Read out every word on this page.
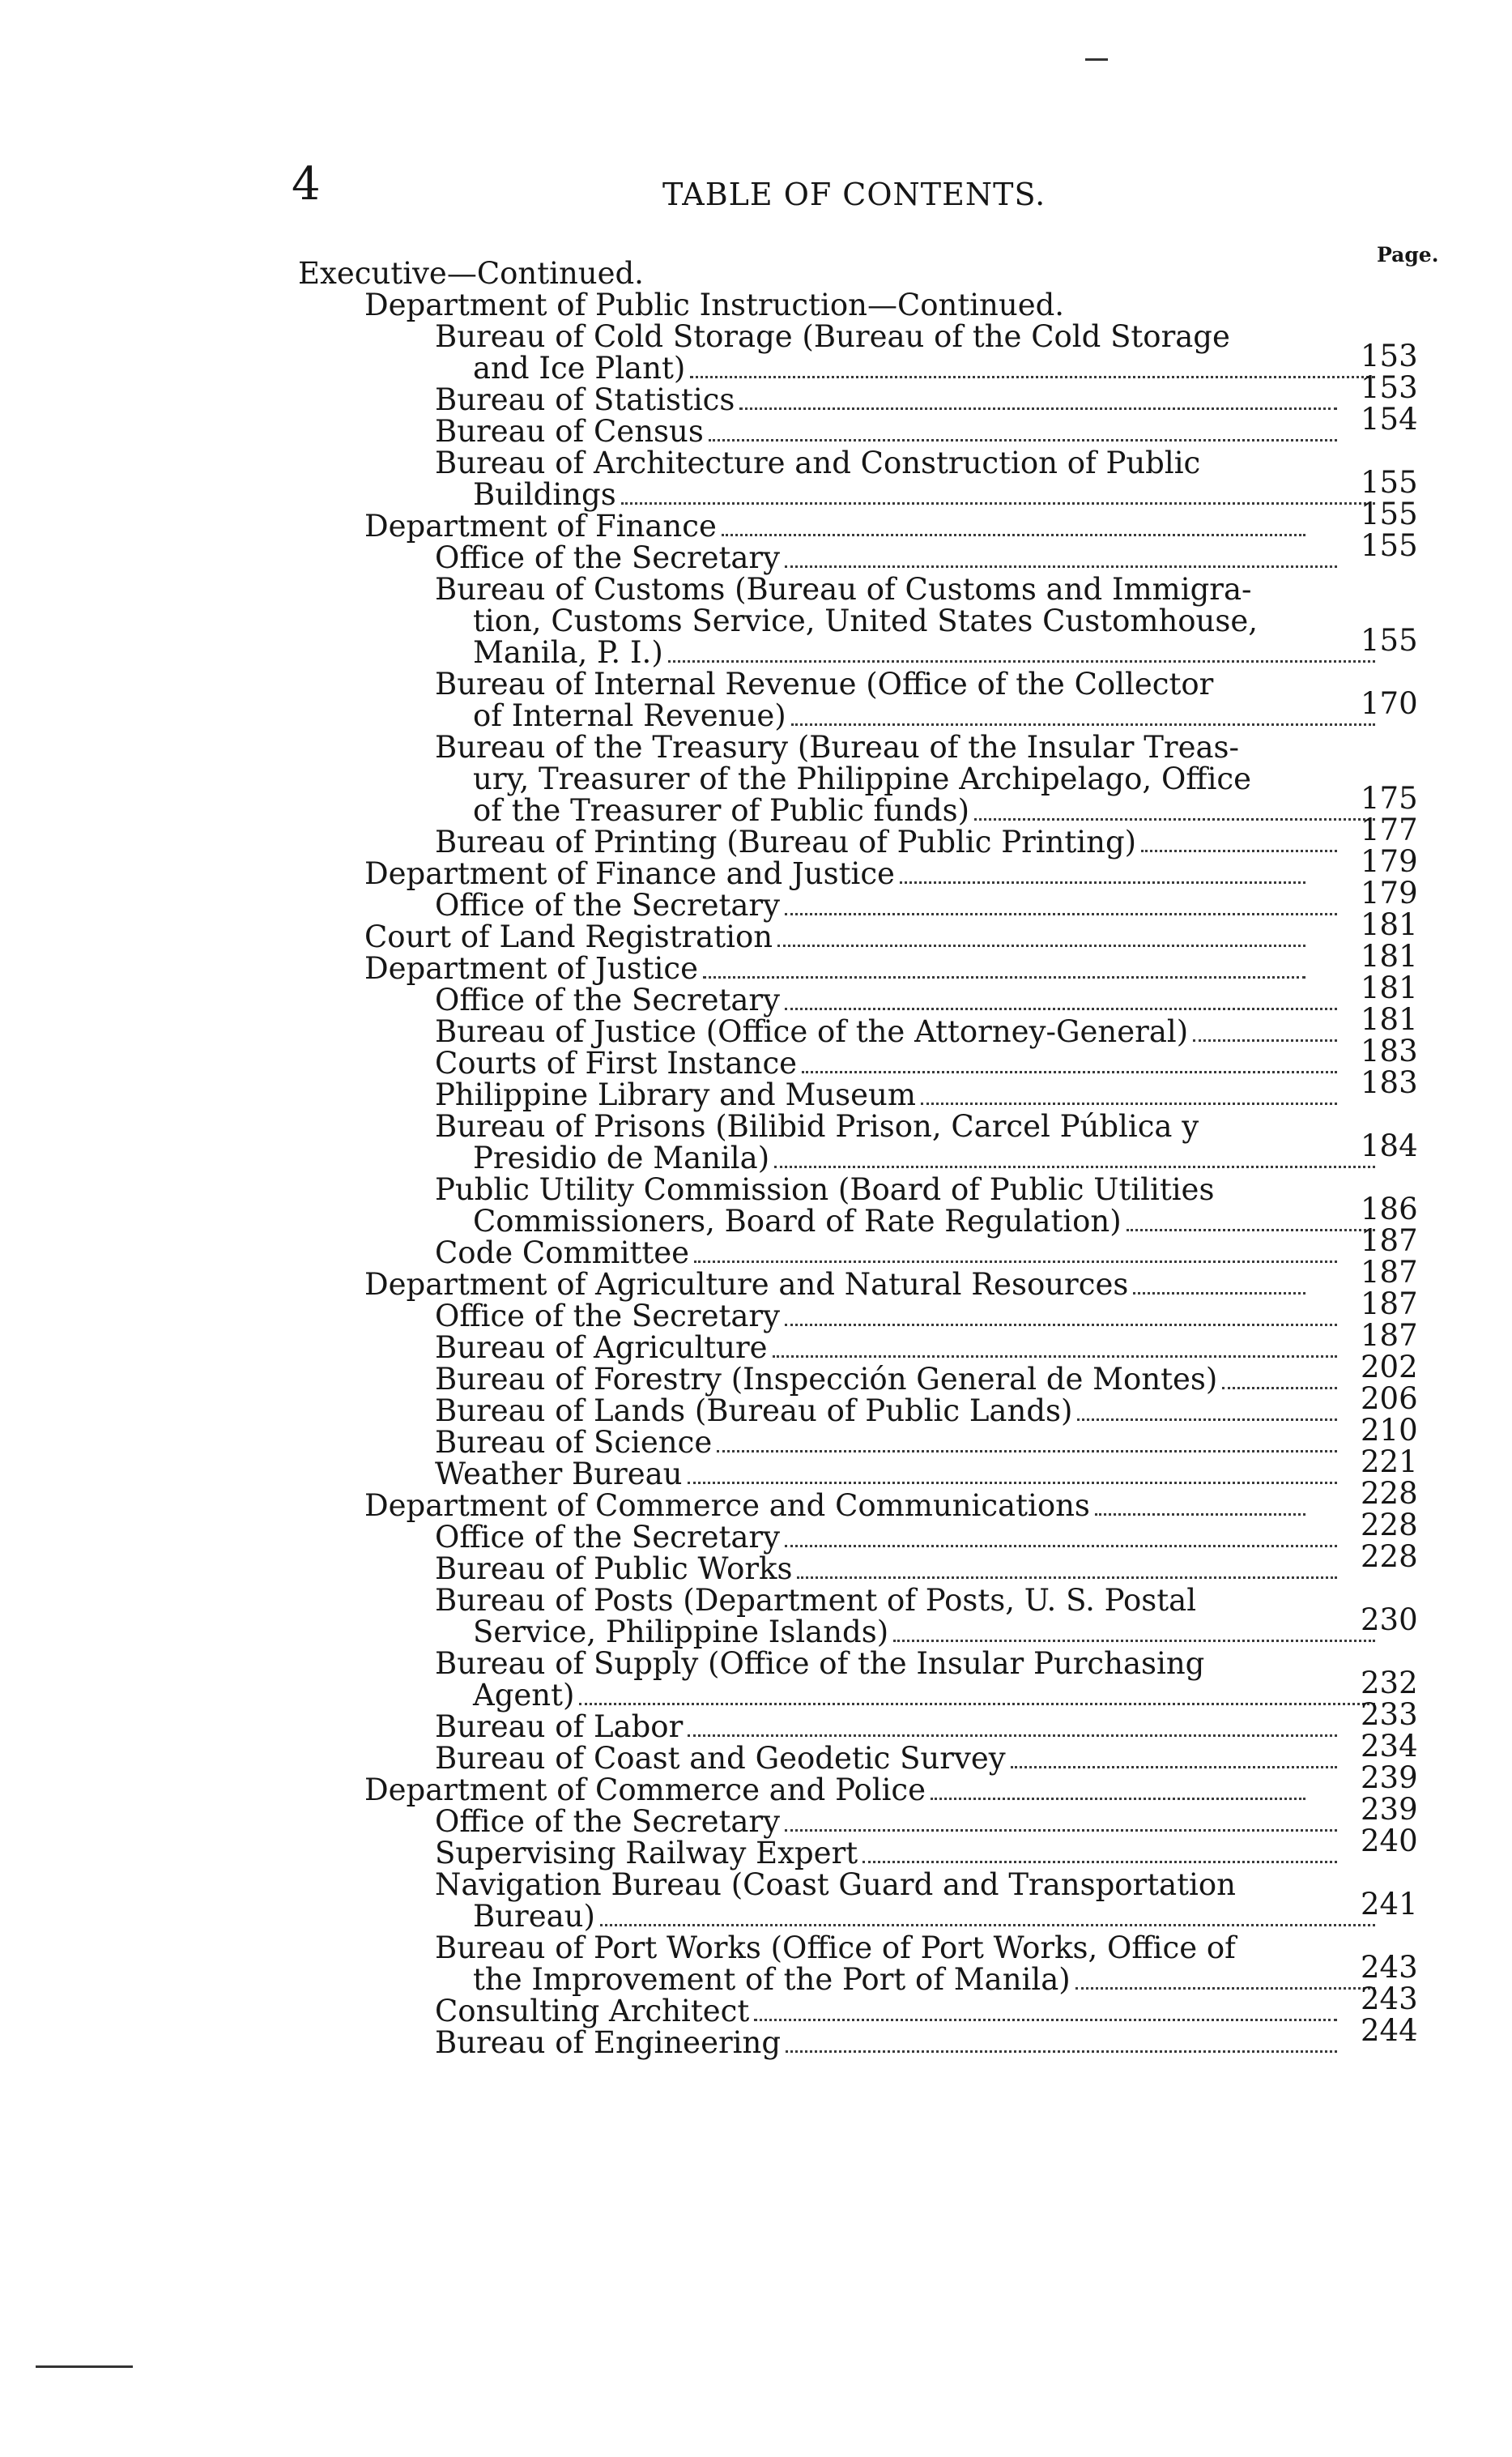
4	TABLE OF CONTENTS.
Page.
Executive—Continued.
Department of Public Instruction—Continued.
Bureau of Cold Storage (Bureau of the Cold Storage
and Ice Plant)	153
Bureau of Statistics	153
Bureau of Census	154
Bureau of Architecture and Construction of Public
Buildings	155
Department of Finance	155
Office of the Secretary	155
Bureau of Customs (Bureau of Customs and Immigra-
tion, Customs Service, United States Customhouse,
Manila, P. I.)	155
Bureau of Internal Revenue (Office of the Collector
of Internal Revenue)	170
Bureau of the Treasury (Bureau of the Insular Treas-
ury, Treasurer of the Philippine Archipelago, Office
of the Treasurer of Public funds)	175
Bureau of Printing (Bureau of Public Printing)	177
Department of Finance and Justice	179
Office of the Secretary	179
Court of Land Registration	181
Department of Justice	181
Office of the Secretary	181
Bureau of Justice (Office of the Attorney-General)	181
Courts of First Instance	183
Philippine Library and Museum	183
Bureau of Prisons (Bilibid Prison, Carcel Pública y
Presidio de Manila)	184
Public Utility Commission (Board of Public Utilities
Commissioners, Board of Rate Regulation)	186
Code Committee	187
Department of Agriculture and Natural Resources	187
Office of the Secretary	187
Bureau of Agriculture	187
Bureau of Forestry (Inspección General de Montes)	202
Bureau of Lands (Bureau of Public Lands)	206
Bureau of Science	210
Weather Bureau	221
Department of Commerce and Communications	228
Office of the Secretary	228
Bureau of Public Works	228
Bureau of Posts (Department of Posts, U. S. Postal
Service, Philippine Islands)	230
Bureau of Supply (Office of the Insular Purchasing
Agent)	232
Bureau of Labor	233
Bureau of Coast and Geodetic Survey	234
Department of Commerce and Police	239
Office of the Secretary	239
Supervising Railway Expert	240
Navigation Bureau (Coast Guard and Transportation
Bureau)	241
Bureau of Port Works (Office of Port Works, Office of
the Improvement of the Port of Manila)	243
Consulting Architect	243
Bureau of Engineering	244
